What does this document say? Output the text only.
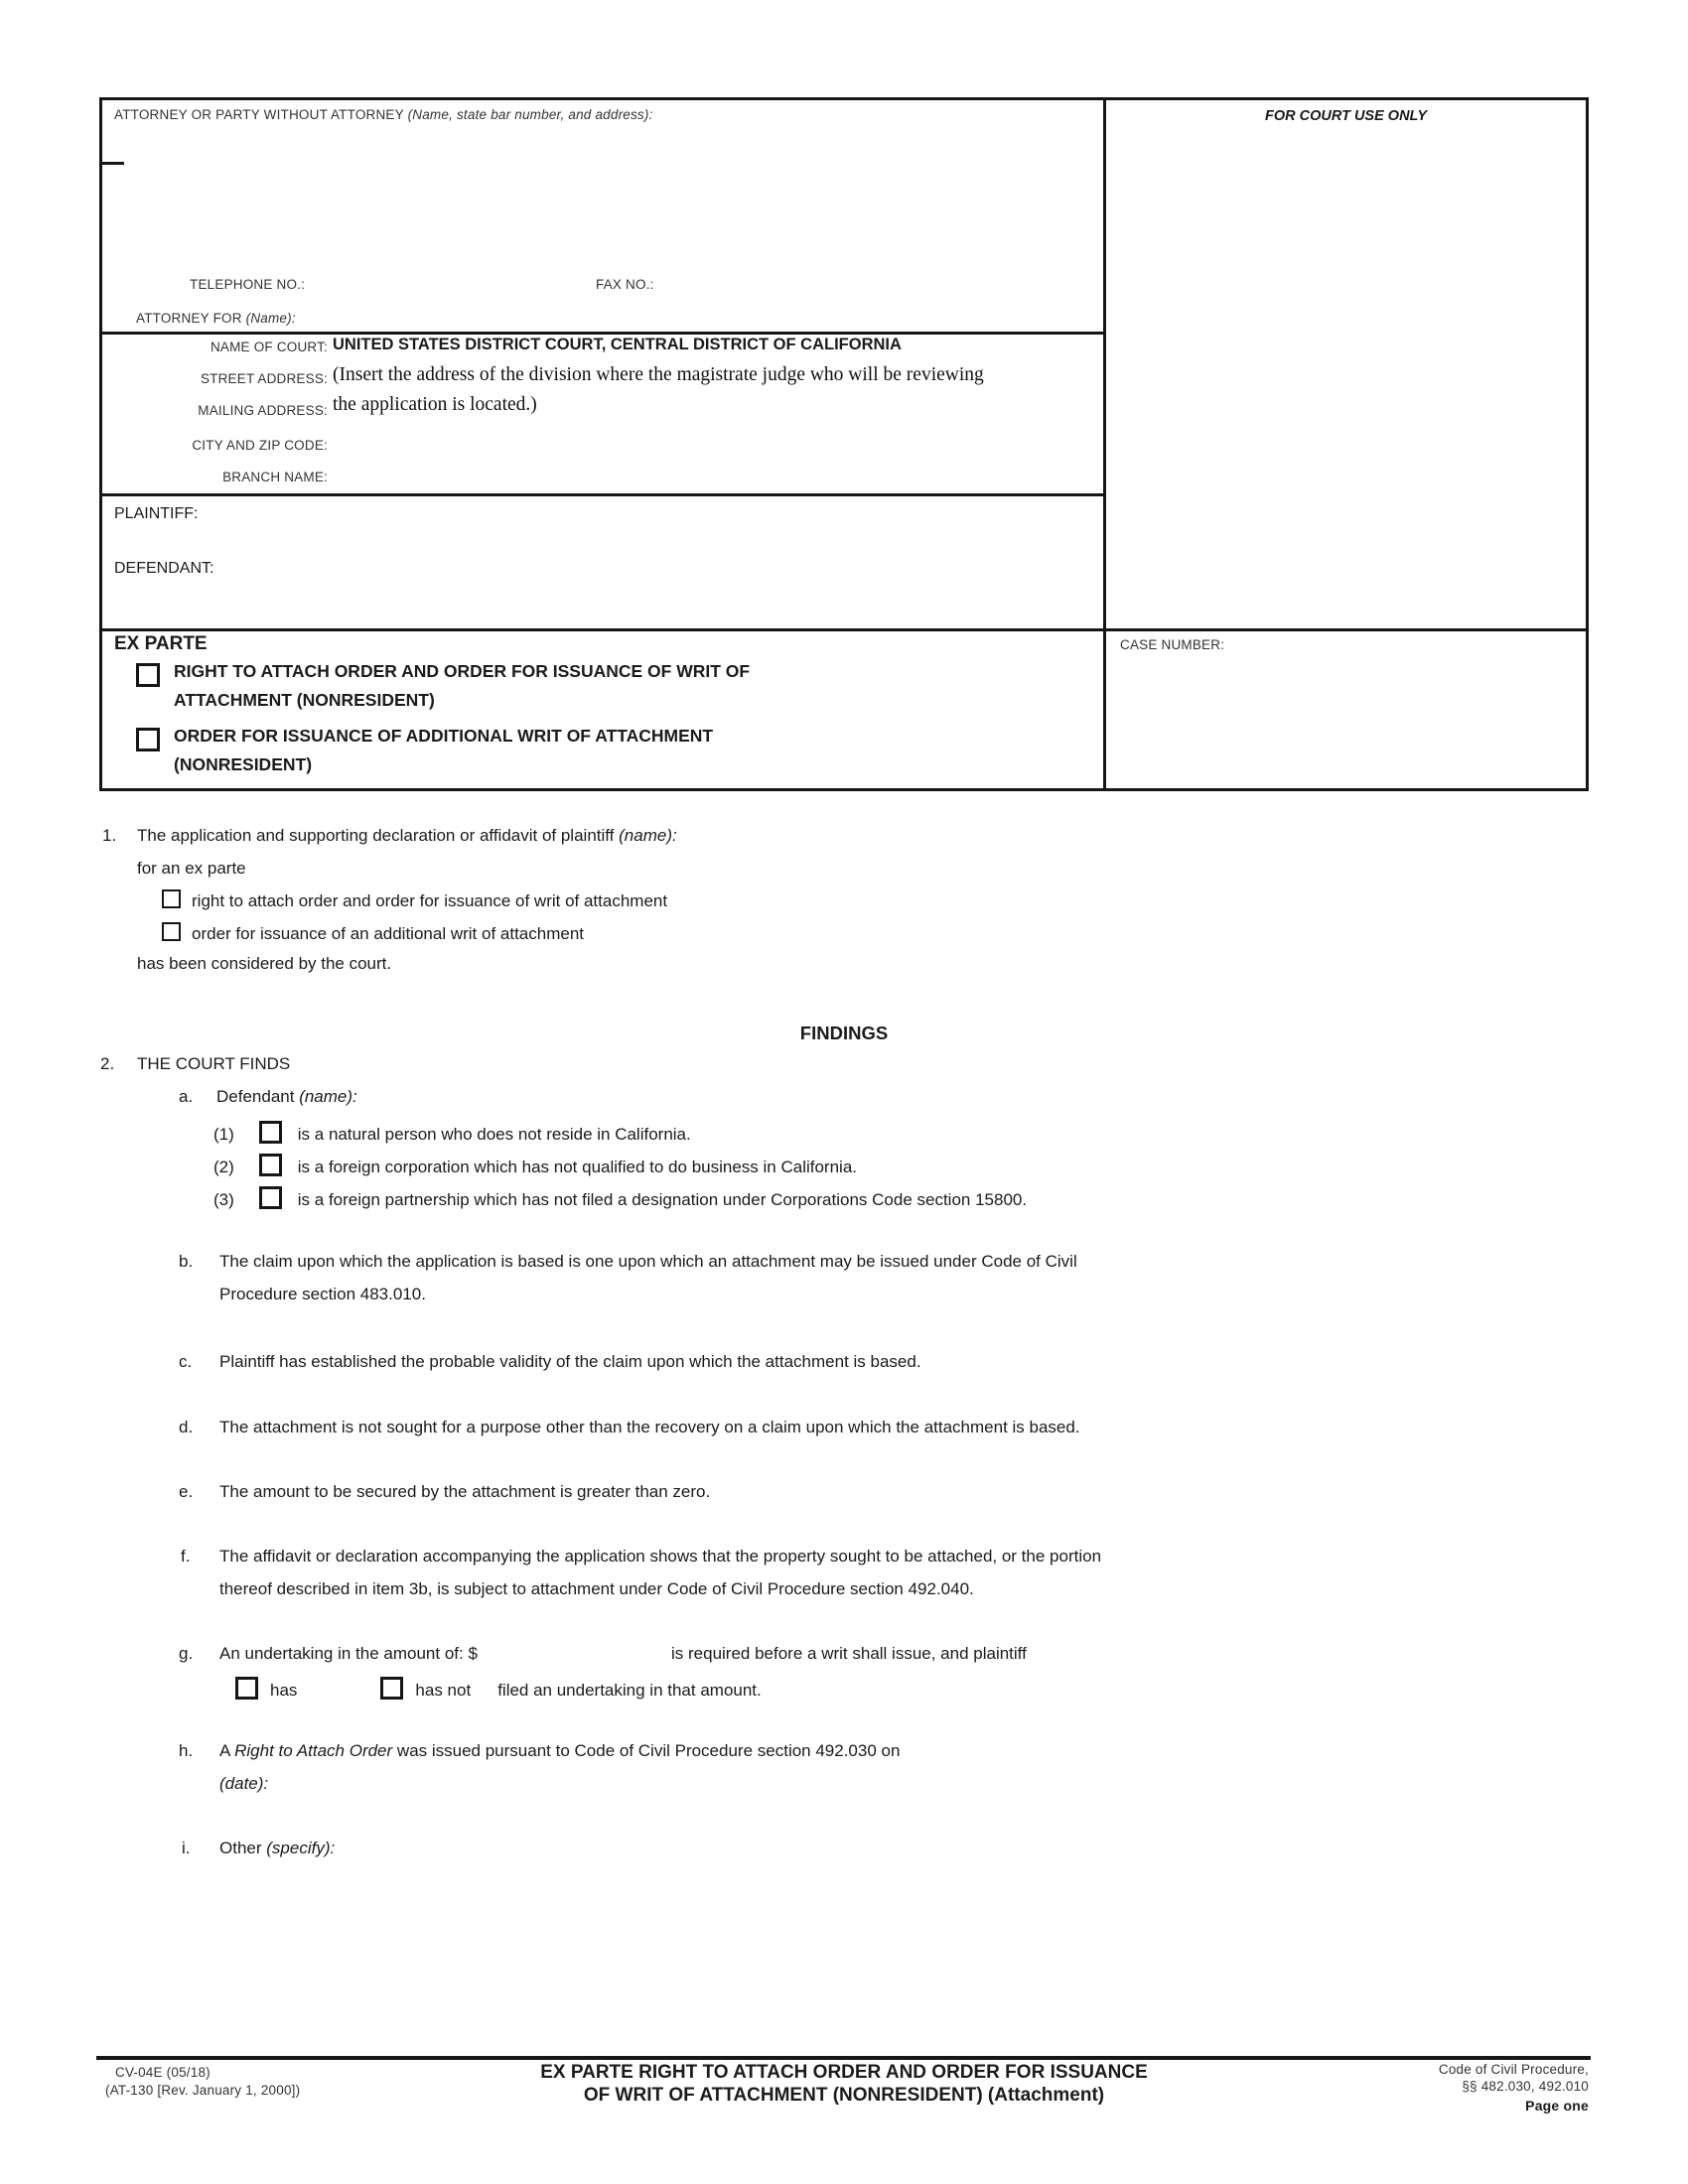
ATTORNEY OR PARTY WITHOUT ATTORNEY (Name, state bar number, and address):
TELEPHONE NO.:	FAX NO.:
ATTORNEY FOR (Name):
NAME OF COURT: UNITED STATES DISTRICT COURT, CENTRAL DISTRICT OF CALIFORNIA
STREET ADDRESS:
MAILING ADDRESS:
(Insert the address of the division where the magistrate judge who will be reviewing
the application is located.)
CITY AND ZIP CODE:
BRANCH NAME:
PLAINTIFF:
DEFENDANT:
EX PARTE
RIGHT TO ATTACH ORDER AND ORDER FOR ISSUANCE OF WRIT OF
ATTACHMENT (NONRESIDENT)
ORDER FOR ISSUANCE OF ADDITIONAL WRIT OF ATTACHMENT
(NONRESIDENT)
FOR COURT USE ONLY
CASE NUMBER:
1. The application and supporting declaration or affidavit of plaintiff (name):
for an ex parte
right to attach order and order for issuance of writ of attachment
order for issuance of an additional writ of attachment
has been considered by the court.
FINDINGS
2. THE COURT FINDS
a. Defendant (name):
(1)	is a natural person who does not reside in California.
(2)	is a foreign corporation which has not qualified to do business in California.
(3)	is a foreign partnership which has not filed a designation under Corporations Code section 15800.
b. The claim upon which the application is based is one upon which an attachment may be issued under Code of Civil
Procedure section 483.010.
c. Plaintiff has established the probable validity of the claim upon which the attachment is based.
d. The attachment is not sought for a purpose other than the recovery on a claim upon which the attachment is based.
e. The amount to be secured by the attachment is greater than zero.
f. The affidavit or declaration accompanying the application shows that the property sought to be attached, or the portion
thereof described in item 3b, is subject to attachment under Code of Civil Procedure section 492.040.
g. An undertaking in the amount of: $	is required before a writ shall issue, and plaintiff
has	has not filed an undertaking in that amount.
h. A Right to Attach Order was issued pursuant to Code of Civil Procedure section 492.030 on
(date):
i. Other (specify):
CV-04E (05/18)
(AT-130 [Rev. January 1, 2000])
EX PARTE RIGHT TO ATTACH ORDER AND ORDER FOR ISSUANCE
OF WRIT OF ATTACHMENT (NONRESIDENT) (Attachment)
Code of Civil Procedure,
§§ 482.030, 492.010
Page one
